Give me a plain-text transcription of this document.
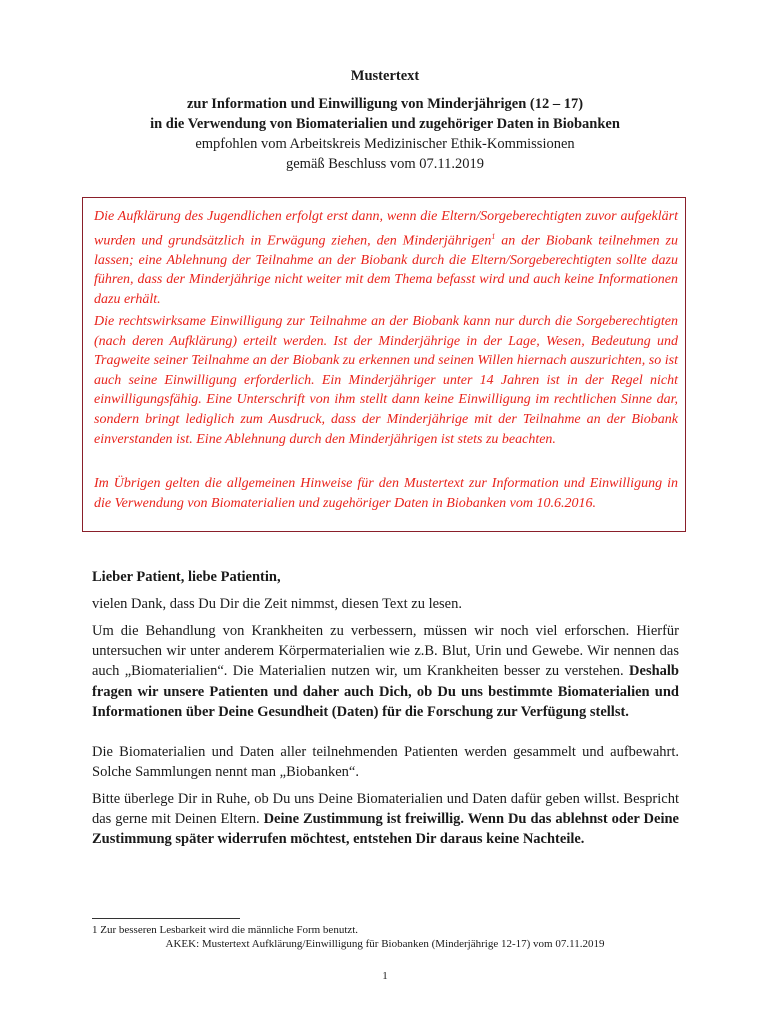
Mustertext
zur Information und Einwilligung von Minderjährigen (12 – 17)
in die Verwendung von Biomaterialien und zugehöriger Daten in Biobanken
empfohlen vom Arbeitskreis Medizinischer Ethik-Kommissionen
gemäß Beschluss vom 07.11.2019

Die Aufklärung des Jugendlichen erfolgt erst dann, wenn die Eltern/Sorgeberechtigten zuvor aufgeklärt wurden und grundsätzlich in Erwägung ziehen, den Minderjährigen$^1$ an der Biobank teilnehmen zu lassen; eine Ablehnung der Teilnahme an der Biobank durch die Eltern/Sorgeberechtigten sollte dazu führen, dass der Minderjährige nicht weiter mit dem Thema befasst wird und auch keine Informationen dazu erhält.

Die rechtswirksame Einwilligung zur Teilnahme an der Biobank kann nur durch die Sorgeberechtigten (nach deren Aufklärung) erteilt werden. Ist der Minderjährige in der Lage, Wesen, Bedeutung und Tragweite seiner Teilnahme an der Biobank zu erkennen und seinen Willen hiernach auszurichten, so ist auch seine Einwilligung erforderlich. Ein Minderjähriger unter 14 Jahren ist in der Regel nicht einwilligungsfähig. Eine Unterschrift von ihm stellt dann keine Einwilligung im rechtlichen Sinne dar, sondern bringt lediglich zum Ausdruck, dass der Minderjährige mit der Teilnahme an der Biobank einverstanden ist. Eine Ablehnung durch den Minderjährigen ist stets zu beachten.

Im Übrigen gelten die allgemeinen Hinweise für den Mustertext zur Information und Einwilligung in die Verwendung von Biomaterialien und zugehöriger Daten in Biobanken vom 10.6.2016.

Lieber Patient, liebe Patientin,

vielen Dank, dass Du Dir die Zeit nimmst, diesen Text zu lesen.

Um die Behandlung von Krankheiten zu verbessern, müssen wir noch viel erforschen. Hierfür untersuchen wir unter anderem Körpermaterialien wie z.B. Blut, Urin und Gewebe. Wir nennen das auch „Biomaterialien“. Die Materialien nutzen wir, um Krankheiten besser zu verstehen. Deshalb fragen wir unsere Patienten und daher auch Dich, ob Du uns bestimmte Biomaterialien und Informationen über Deine Gesundheit (Daten) für die Forschung zur Verfügung stellst.

Die Biomaterialien und Daten aller teilnehmenden Patienten werden gesammelt und aufbewahrt. Solche Sammlungen nennt man „Biobanken“.

Bitte überlege Dir in Ruhe, ob Du uns Deine Biomaterialien und Daten dafür geben willst. Bespricht das gerne mit Deinen Eltern. Deine Zustimmung ist freiwillig. Wenn Du das ablehnst oder Deine Zustimmung später widerrufen möchtest, entstehen Dir daraus keine Nachteile.

1 Zur besseren Lesbarkeit wird die männliche Form benutzt.
AKEK: Mustertext Aufklärung/Einwilligung für Biobanken (Minderjährige 12-17) vom 07.11.2019
1
